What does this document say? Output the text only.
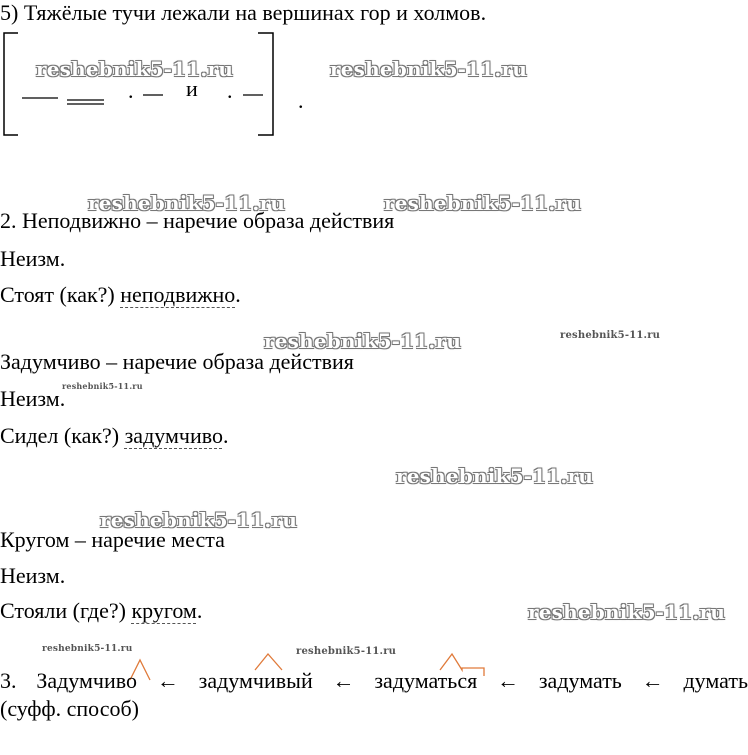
5) Тяжёлые тучи лежали на вершинах гор и холмов.
. и .	.
2. Неподвижно – наречие образа действия
Неизм.
Стоят (как?) неподвижно.
Задумчиво – наречие образа действия
Неизм.
Сидел (как?) задумчиво.
Кругом – наречие места
Неизм.
Стояли (где?) кругом.
3. Задумчиво ← задумчивый ← задуматься ← задумать ← думать
(суфф. способ)
reshebnik5-11.ru	reshebnik5-11.ru
reshebnik5-11.ru	reshebnik5-11.ru
reshebnik5-11.ru	reshebnik5-11.ru
reshebnik5-11.ru
reshebnik5-11.ru
reshebnik5-11.ru
reshebnik5-11.ru
reshebnik5-11.ru	reshebnik5-11.ru
